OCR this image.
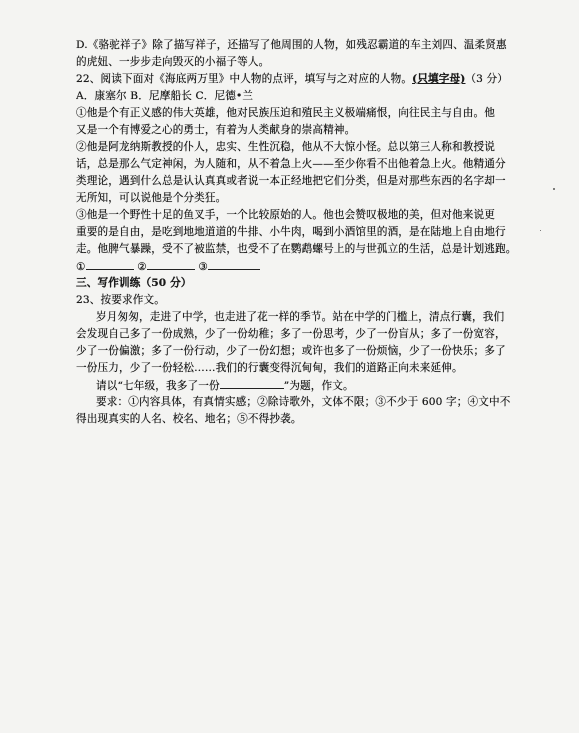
D.《骆驼祥子》除了描写祥子，还描写了他周围的人物，如残忍霸道的车主刘四、温柔贤惠
的虎妞、一步步走向毁灭的小福子等人。
22、阅读下面对《海底两万里》中人物的点评，填写与之对应的人物。(只填字母)（3 分）
A．康塞尔 B．尼摩船长 C．尼德•兰
①他是个有正义感的伟大英雄，他对民族压迫和殖民主义极端痛恨，向往民主与自由。他
又是一个有博爱之心的勇士，有着为人类献身的崇高精神。
②他是阿龙纳斯教授的仆人，忠实、生性沉稳，他从不大惊小怪。总以第三人称和教授说
话，总是那么气定神闲，为人随和，从不着急上火——至少你看不出他着急上火。他精通分
类理论，遇到什么总是认认真真或者说一本正经地把它们分类，但是对那些东西的名字却一
无所知，可以说他是个分类狂。
③他是一个野性十足的鱼叉手，一个比较原始的人。他也会赞叹极地的美，但对他来说更
重要的是自由，是吃到地地道道的牛排、小牛肉，喝到小酒馆里的酒，是在陆地上自由地行
走。他脾气暴躁，受不了被监禁，也受不了在鹦鹉螺号上的与世孤立的生活，总是计划逃跑。
①	②	③
三、写作训练（50 分）
23、按要求作文。
岁月匆匆，走进了中学，也走进了花一样的季节。站在中学的门槛上，清点行囊，我们
会发现自己多了一份成熟，少了一份幼稚；多了一份思考，少了一份盲从；多了一份宽容，
少了一份偏激；多了一份行动，少了一份幻想；或许也多了一份烦恼，少了一份快乐；多了
一份压力，少了一份轻松……我们的行囊变得沉甸甸，我们的道路正向未来延伸。
请以“七年级，我多了一份	”为题，作文。
要求：①内容具体，有真情实感；②除诗歌外，文体不限；③不少于 600 字；④文中不
得出现真实的人名、校名、地名；⑤不得抄袭。
